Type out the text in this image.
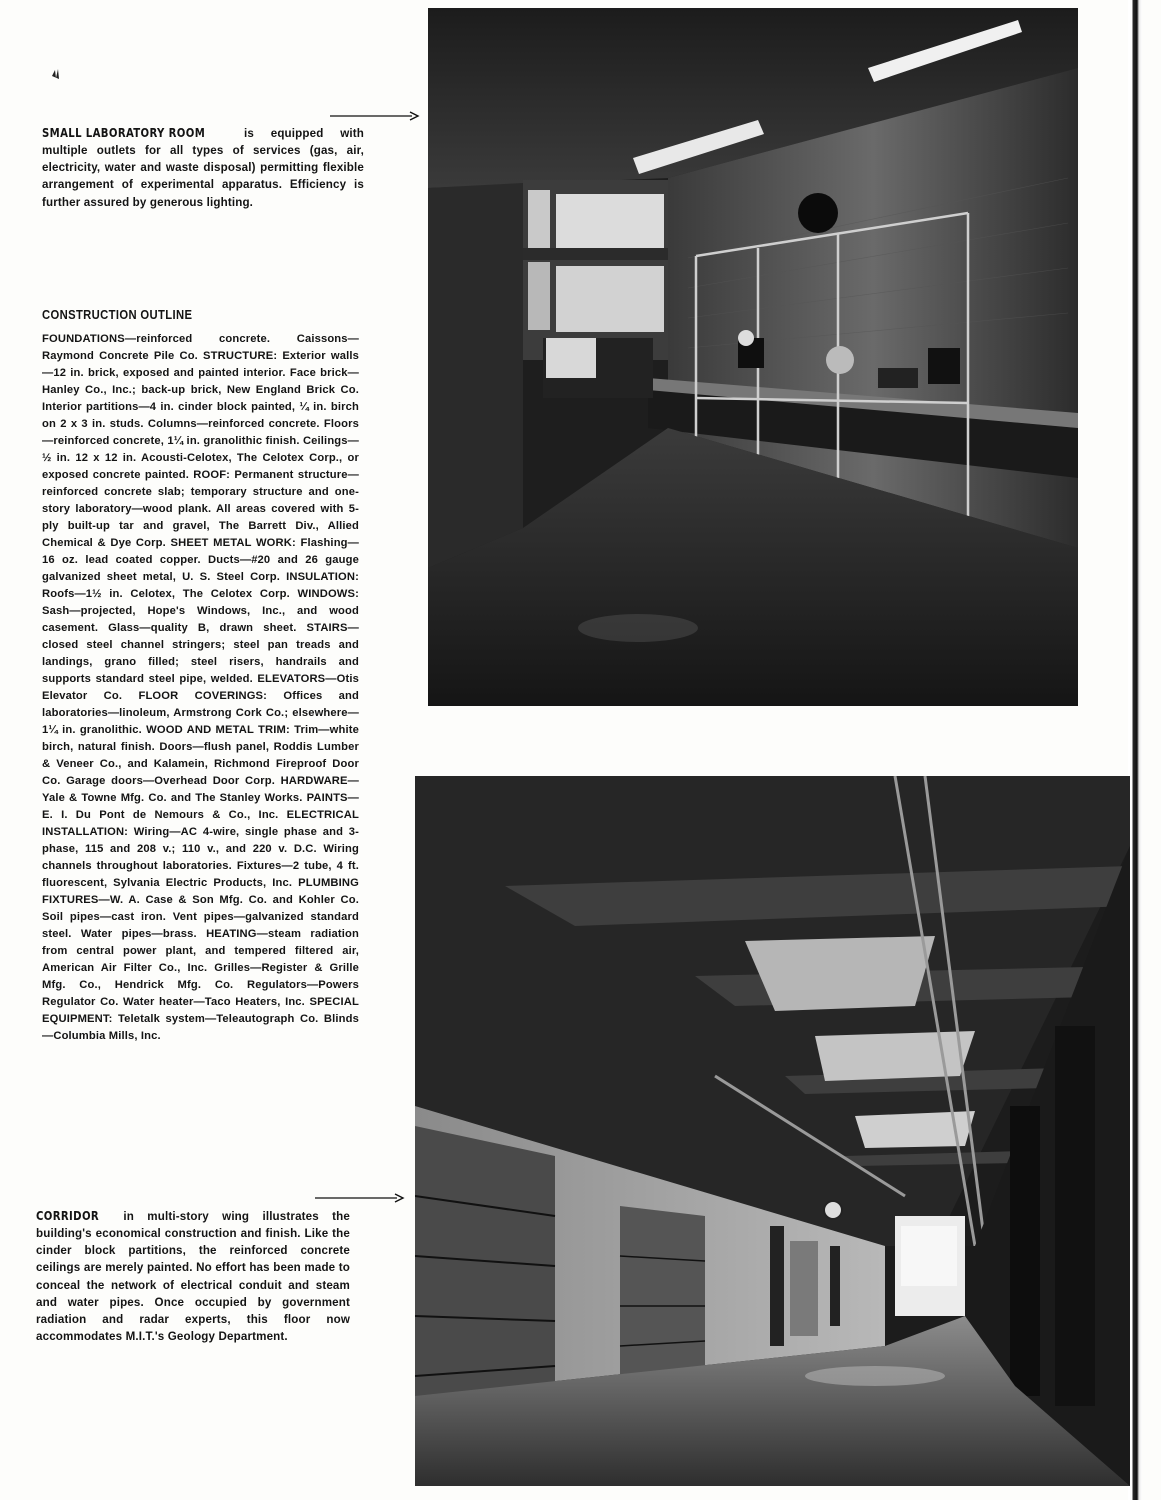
SMALL LABORATORY ROOM	is equipped with multiple outlets for all types of services (gas, air, electricity, water and waste disposal) permitting flexible arrangement of experimental apparatus. Efficiency is further assured by generous lighting.
CONSTRUCTION OUTLINE
FOUNDATIONS—reinforced concrete. Caissons—Raymond Concrete Pile Co. STRUCTURE: Exterior walls—12 in. brick, exposed and painted interior. Face brick—Hanley Co., Inc.; back-up brick, New England Brick Co. Interior partitions—4 in. cinder block painted, ¼ in. birch on 2 x 3 in. studs. Columns—reinforced concrete. Floors—reinforced concrete, 1¼ in. granolithic finish. Ceilings—½ in. 12 x 12 in. Acousti-Celotex, The Celotex Corp., or exposed concrete painted. ROOF: Permanent structure—reinforced concrete slab; temporary structure and one-story laboratory—wood plank. All areas covered with 5-ply built-up tar and gravel, The Barrett Div., Allied Chemical & Dye Corp. SHEET METAL WORK: Flashing—16 oz. lead coated copper. Ducts—#20 and 26 gauge galvanized sheet metal, U. S. Steel Corp. INSULATION: Roofs—1½ in. Celotex, The Celotex Corp. WINDOWS: Sash—projected, Hope's Windows, Inc., and wood casement. Glass—quality B, drawn sheet. STAIRS—closed steel channel stringers; steel pan treads and landings, grano filled; steel risers, handrails and supports standard steel pipe, welded. ELEVATORS—Otis Elevator Co. FLOOR COVERINGS: Offices and laboratories—linoleum, Armstrong Cork Co.; elsewhere—1¼ in. granolithic. WOOD AND METAL TRIM: Trim—white birch, natural finish. Doors—flush panel, Roddis Lumber & Veneer Co., and Kalamein, Richmond Fireproof Door Co. Garage doors—Overhead Door Corp. HARDWARE—Yale & Towne Mfg. Co. and The Stanley Works. PAINTS—E. I. Du Pont de Nemours & Co., Inc. ELECTRICAL INSTALLATION: Wiring—AC 4-wire, single phase and 3-phase, 115 and 208 v.; 110 v., and 220 v. D.C. Wiring channels throughout laboratories. Fixtures—2 tube, 4 ft. fluorescent, Sylvania Electric Products, Inc. PLUMBING FIXTURES—W. A. Case & Son Mfg. Co. and Kohler Co. Soil pipes—cast iron. Vent pipes—galvanized standard steel. Water pipes—brass. HEATING—steam radiation from central power plant, and tempered filtered air, American Air Filter Co., Inc. Grilles—Register & Grille Mfg. Co., Hendrick Mfg. Co. Regulators—Powers Regulator Co. Water heater—Taco Heaters, Inc. SPECIAL EQUIPMENT: Teletalk system—Teleautograph Co. Blinds—Columbia Mills, Inc.
CORRIDOR in multi-story wing illustrates the building's economical construction and finish. Like the cinder block partitions, the reinforced concrete ceilings are merely painted. No effort has been made to conceal the network of electrical conduit and steam and water pipes. Once occupied by government radiation and radar experts, this floor now accommodates M.I.T.'s Geology Department.
